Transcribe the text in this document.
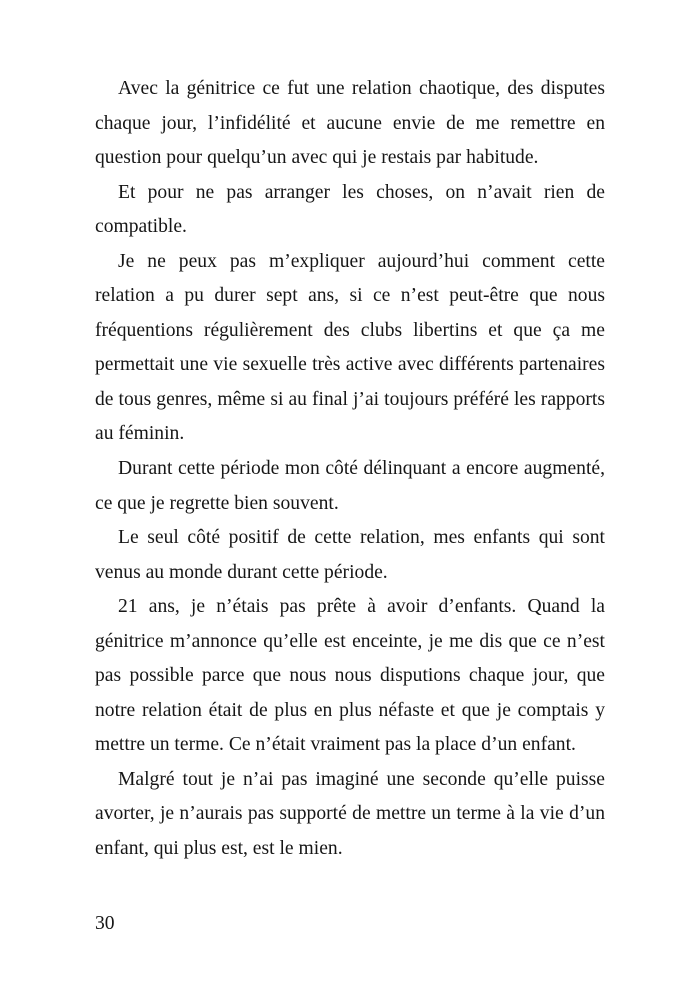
Avec la génitrice ce fut une relation chaotique, des disputes chaque jour, l’infidélité et aucune envie de me remettre en question pour quelqu’un avec qui je restais par habitude.

Et pour ne pas arranger les choses, on n’avait rien de compatible.

Je ne peux pas m’expliquer aujourd’hui comment cette relation a pu durer sept ans, si ce n’est peut-être que nous fréquentions régulièrement des clubs libertins et que ça me permettait une vie sexuelle très active avec différents partenaires de tous genres, même si au final j’ai toujours préféré les rapports au féminin.

Durant cette période mon côté délinquant a encore augmenté, ce que je regrette bien souvent.

Le seul côté positif de cette relation, mes enfants qui sont venus au monde durant cette période.

21 ans, je n’étais pas prête à avoir d’enfants. Quand la génitrice m’annonce qu’elle est enceinte, je me dis que ce n’est pas possible parce que nous nous disputions chaque jour, que notre relation était de plus en plus néfaste et que je comptais y mettre un terme. Ce n’était vraiment pas la place d’un enfant.

Malgré tout je n’ai pas imaginé une seconde qu’elle puisse avorter, je n’aurais pas supporté de mettre un terme à la vie d’un enfant, qui plus est, est le mien.

30
